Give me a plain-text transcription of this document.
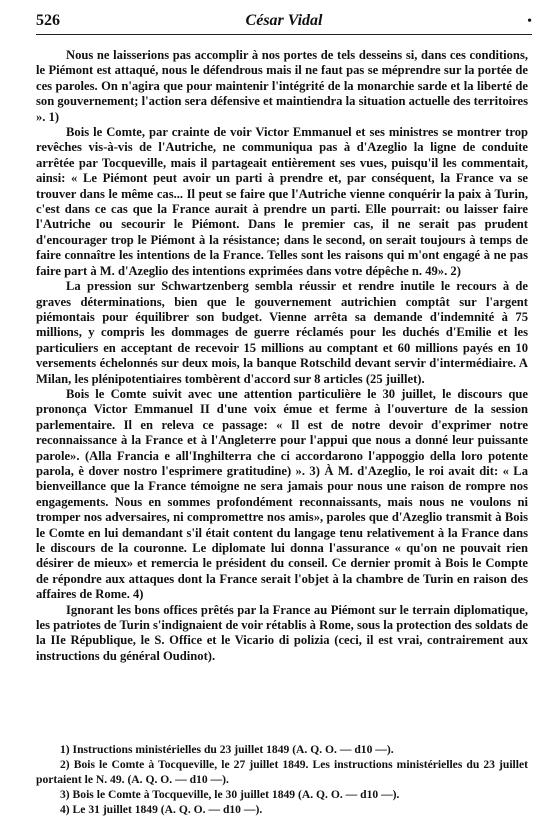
526	César Vidal	•

Nous ne laisserions pas accomplir à nos portes de tels desseins si, dans ces conditions, le Piémont est attaqué, nous le défendrous mais il ne faut pas se méprendre sur la portée de ces paroles. On n'agira que pour maintenir l'intégrité de la monarchie sarde et la liberté de son gouvernement; l'action sera défensive et maintiendra la situation actuelle des territoires ». 1)

Bois le Comte, par crainte de voir Victor Emmanuel et ses ministres se montrer trop revêches vis-à-vis de l'Autriche, ne communiqua pas à d'Azeglio la ligne de conduite arrêtée par Tocqueville, mais il partageait entièrement ses vues, puisqu'il les commentait, ainsi: « Le Piémont peut avoir un parti à prendre et, par conséquent, la France va se trouver dans le même cas... Il peut se faire que l'Autriche vienne conquérir la paix à Turin, c'est dans ce cas que la France aurait à prendre un parti. Elle pourrait: ou laisser faire l'Autriche ou secourir le Piémont. Dans le premier cas, il ne serait pas prudent d'encourager trop le Piémont à la résistance; dans le second, on serait toujours à temps de faire connaître les intentions de la France. Telles sont les raisons qui m'ont engagé à ne pas faire part à M. d'Azeglio des intentions exprimées dans votre dépêche n. 49». 2)

La pression sur Schwartzenberg sembla réussir et rendre inutile le recours à de graves déterminations, bien que le gouvernement autrichien comptât sur l'argent piémontais pour équilibrer son budget. Vienne arrêta sa demande d'indemnité à 75 millions, y compris les dommages de guerre réclamés pour les duchés d'Emilie et les particuliers en acceptant de recevoir 15 millions au comptant et 60 millions payés en 10 versements échelonnés sur deux mois, la banque Rotschild devant servir d'intermédiaire. A Milan, les plénipotentiaires tombèrent d'accord sur 8 articles (25 juillet).

Bois le Comte suivit avec une attention particulière le 30 juillet, le discours que prononça Victor Emmanuel II d'une voix émue et ferme à l'ouverture de la session parlementaire. Il en releva ce passage: « Il est de notre devoir d'exprimer notre reconnaissance à la France et à l'Angleterre pour l'appui que nous a donné leur puissante parole». (Alla Francia e all'Inghilterra che ci accordarono l'appoggio della loro potente parola, è dover nostro l'esprimere gratitudine) ». 3) À M. d'Azeglio, le roi avait dit: « La bienveillance que la France témoigne ne sera jamais pour nous une raison de rompre nos engagements. Nous en sommes profondément reconnaissants, mais nous ne voulons ni tromper nos adversaires, ni compromettre nos amis», paroles que d'Azeglio transmit à Bois le Comte en lui demandant s'il était content du langage tenu relativement à la France dans le discours de la couronne. Le diplomate lui donna l'assurance « qu'on ne pouvait rien désirer de mieux» et remercia le président du conseil. Ce dernier promit à Bois le Compte de répondre aux attaques dont la France serait l'objet à la chambre de Turin en raison des affaires de Rome. 4)

Ignorant les bons offices prêtés par la France au Piémont sur le terrain diplomatique, les patriotes de Turin s'indignaient de voir rétablis à Rome, sous la protection des soldats de la IIe République, le S. Office et le Vicario di polizia (ceci, il est vrai, contrairement aux instructions du général Oudinot).

1) Instructions ministérielles du 23 juillet 1849 (A. Q. O. — d10 —).

2) Bois le Comte à Tocqueville, le 27 juillet 1849. Les instructions ministérielles du 23 juillet portaient le N. 49. (A. Q. O. — d10 —).

3) Bois le Comte à Tocqueville, le 30 juillet 1849 (A. Q. O. — d10 —).

4) Le 31 juillet 1849 (A. Q. O. — d10 —).
